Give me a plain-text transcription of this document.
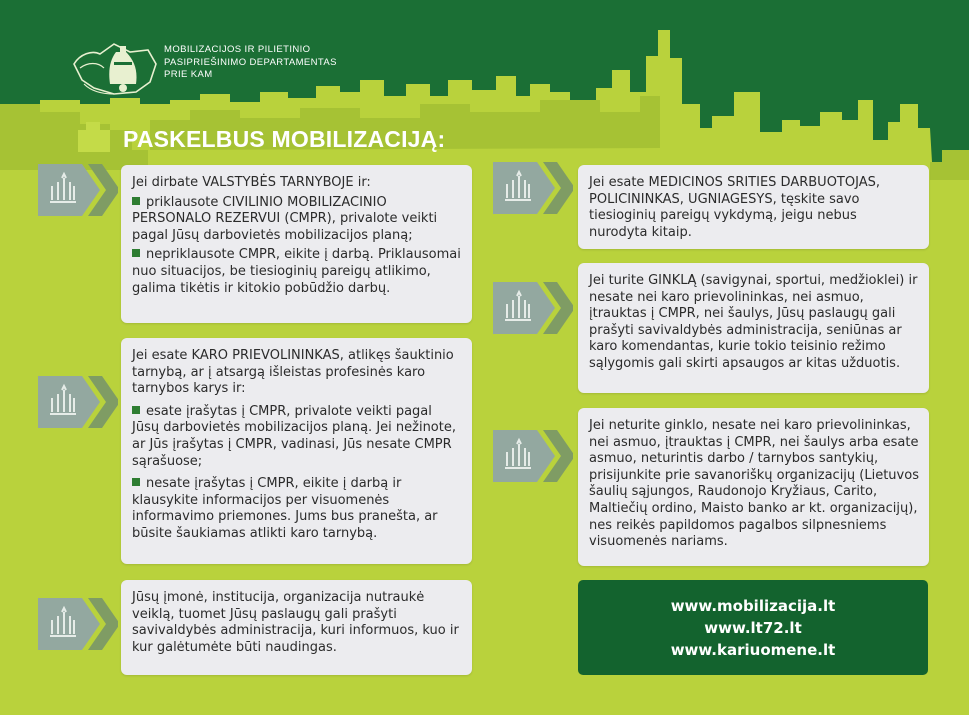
MOBILIZACIJOS IR PILIETINIO
PASIPRIEŠINIMO DEPARTAMENTAS
PRIE KAM
PASKELBUS MOBILIZACIJĄ:

Jei dirbate VALSTYBĖS TARNYBOJE ir:

priklausote CIVILINIO MOBILIZACINIO PERSONALO REZERVUI (CMPR), privalote veikti pagal Jūsų darbovietės mobilizacijos planą;

nepriklausote CMPR, eikite į darbą. Priklausomai nuo situacijos, be tiesioginių pareigų atlikimo, galima tikėtis ir kitokio pobūdžio darbų.

Jei esate KARO PRIEVOLININKAS, atlikęs šauktinio tarnybą, ar į atsargą išleistas profesinės karo tarnybos karys ir:

esate įrašytas į CMPR, privalote veikti pagal Jūsų darbovietės mobilizacijos planą. Jei nežinote, ar Jūs įrašytas į CMPR, vadinasi, Jūs nesate CMPR sąrašuose;

nesate įrašytas į CMPR, eikite į darbą ir klausykite informacijos per visuomenės informavimo priemones. Jums bus pranešta, ar būsite šaukiamas atlikti karo tarnybą.

Jūsų įmonė, institucija, organizacija nutraukė veiklą, tuomet Jūsų paslaugų gali prašyti savivaldybės administracija, kuri informuos, kuo ir kur galėtumėte būti naudingas.

Jei esate MEDICINOS SRITIES DARBUOTOJAS, POLICININKAS, UGNIAGESYS, tęskite savo tiesioginių pareigų vykdymą, jeigu nebus nurodyta kitaip.

Jei turite GINKLĄ (savigynai, sportui, medžioklei) ir nesate nei karo prievolininkas, nei asmuo, įtrauktas į CMPR, nei šaulys, Jūsų paslaugų gali prašyti savivaldybės administracija, seniūnas ar karo komendantas, kurie tokio teisinio režimo sąlygomis gali skirti apsaugos ar kitas užduotis.

Jei neturite ginklo, nesate nei karo prievolininkas, nei asmuo, įtrauktas į CMPR, nei šaulys arba esate asmuo, neturintis darbo / tarnybos santykių, prisijunkite prie savanoriškų organizacijų (Lietuvos šaulių sąjungos, Raudonojo Kryžiaus, Carito, Maltiečių ordino, Maisto banko ar kt. organizacijų), nes reikės papildomos pagalbos silpnesniems visuomenės nariams.

www.mobilizacija.lt
www.lt72.lt
www.kariuomene.lt
